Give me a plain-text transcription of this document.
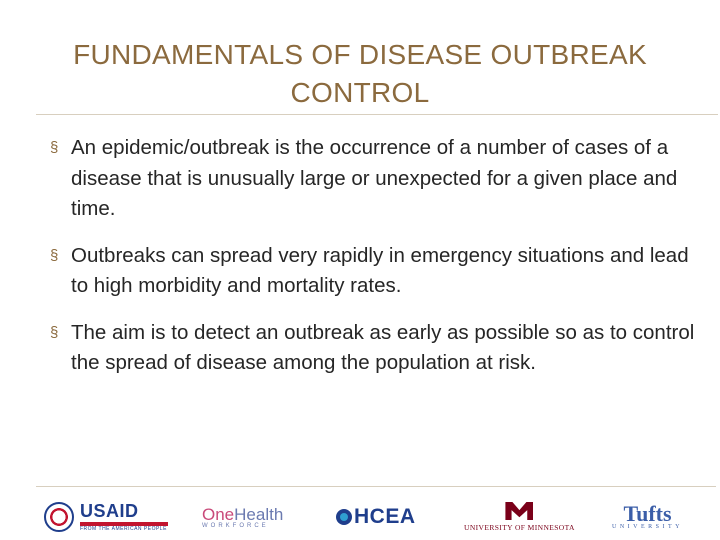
FUNDAMENTALS OF DISEASE OUTBREAK
CONTROL
§ An epidemic/outbreak is the occurrence of a number of cases of a disease that is unusually large or unexpected for a given place and time.
§ Outbreaks can spread very rapidly in emergency situations and lead to high morbidity and mortality rates.
§ The aim is to detect an outbreak as early as possible so as to control the spread of disease among the population at risk.
USAID
FROM THE AMERICAN PEOPLE
OneHealth
WORKFORCE	HCEA	UNIVERSITY OF MINNESOTA
Tufts
UNIVERSITY
